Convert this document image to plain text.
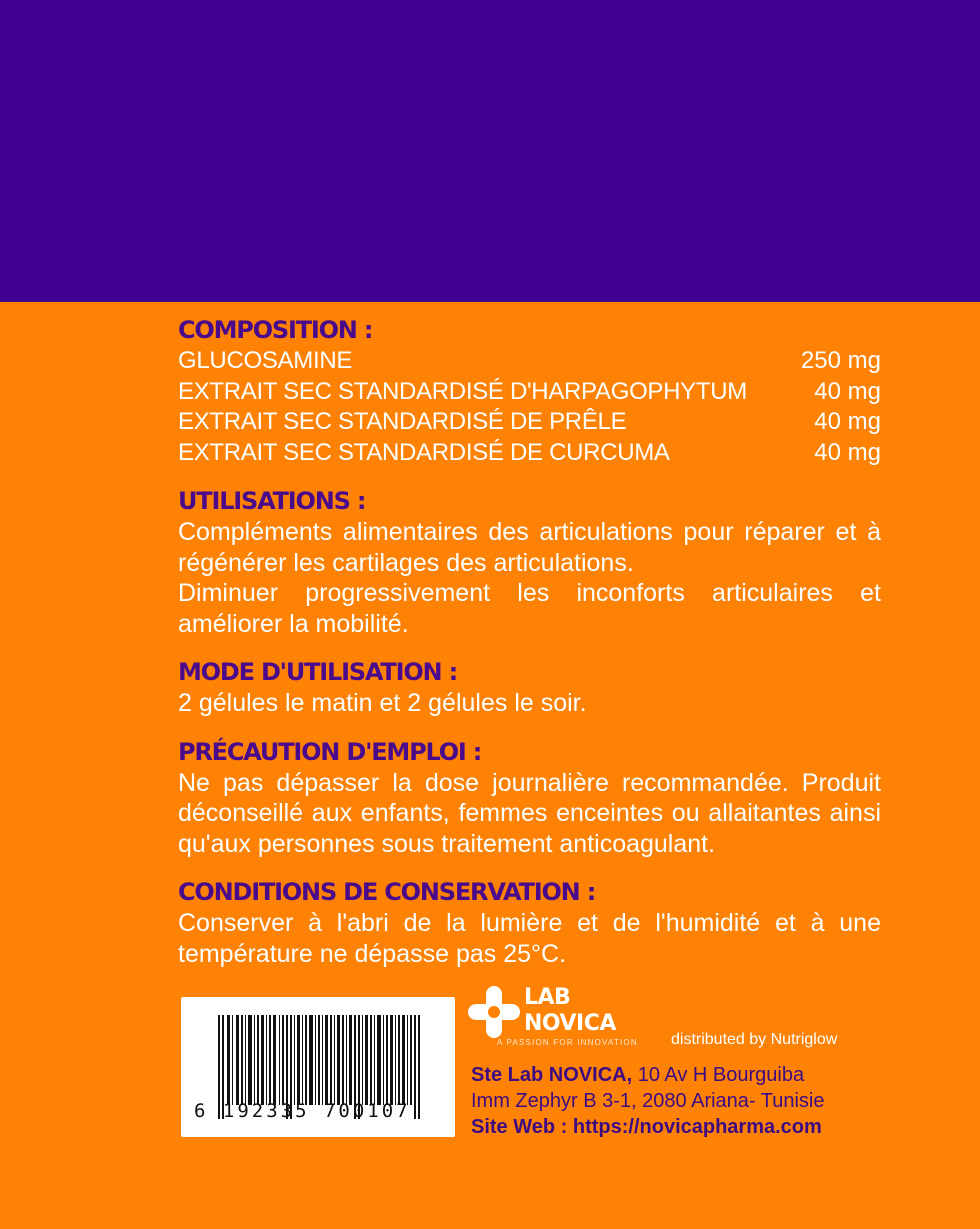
COMPOSITION :
GLUCOSAMINE	250 mg
EXTRAIT SEC STANDARDISÉ D'HARPAGOPHYTUM	40 mg
EXTRAIT SEC STANDARDISÉ DE PRÊLE	40 mg
EXTRAIT SEC STANDARDISÉ DE CURCUMA	40 mg
UTILISATIONS :

Compléments alimentaires des articulations pour réparer et à régénérer les cartilages des articulations.

Diminuer progressivement les inconforts articulaires et améliorer la mobilité.

MODE D'UTILISATION :

2 gélules le matin et 2 gélules le soir.

PRÉCAUTION D'EMPLOI :

Ne pas dépasser la dose journalière recommandée. Produit déconseillé aux enfants, femmes enceintes ou allaitantes ainsi qu'aux personnes sous traitement anticoagulant.

CONDITIONS DE CONSERVATION :

Conserver à l'abri de la lumière et de l'humidité et à une température ne dépasse pas 25°C.

6 192335 700107
LAB
NOVICA
A PASSION FOR INNOVATION distributed by Nutriglow
Ste Lab NOVICA, 10 Av H Bourguiba
Imm Zephyr B 3-1, 2080 Ariana- Tunisie
Site Web : https://novicapharma.com
